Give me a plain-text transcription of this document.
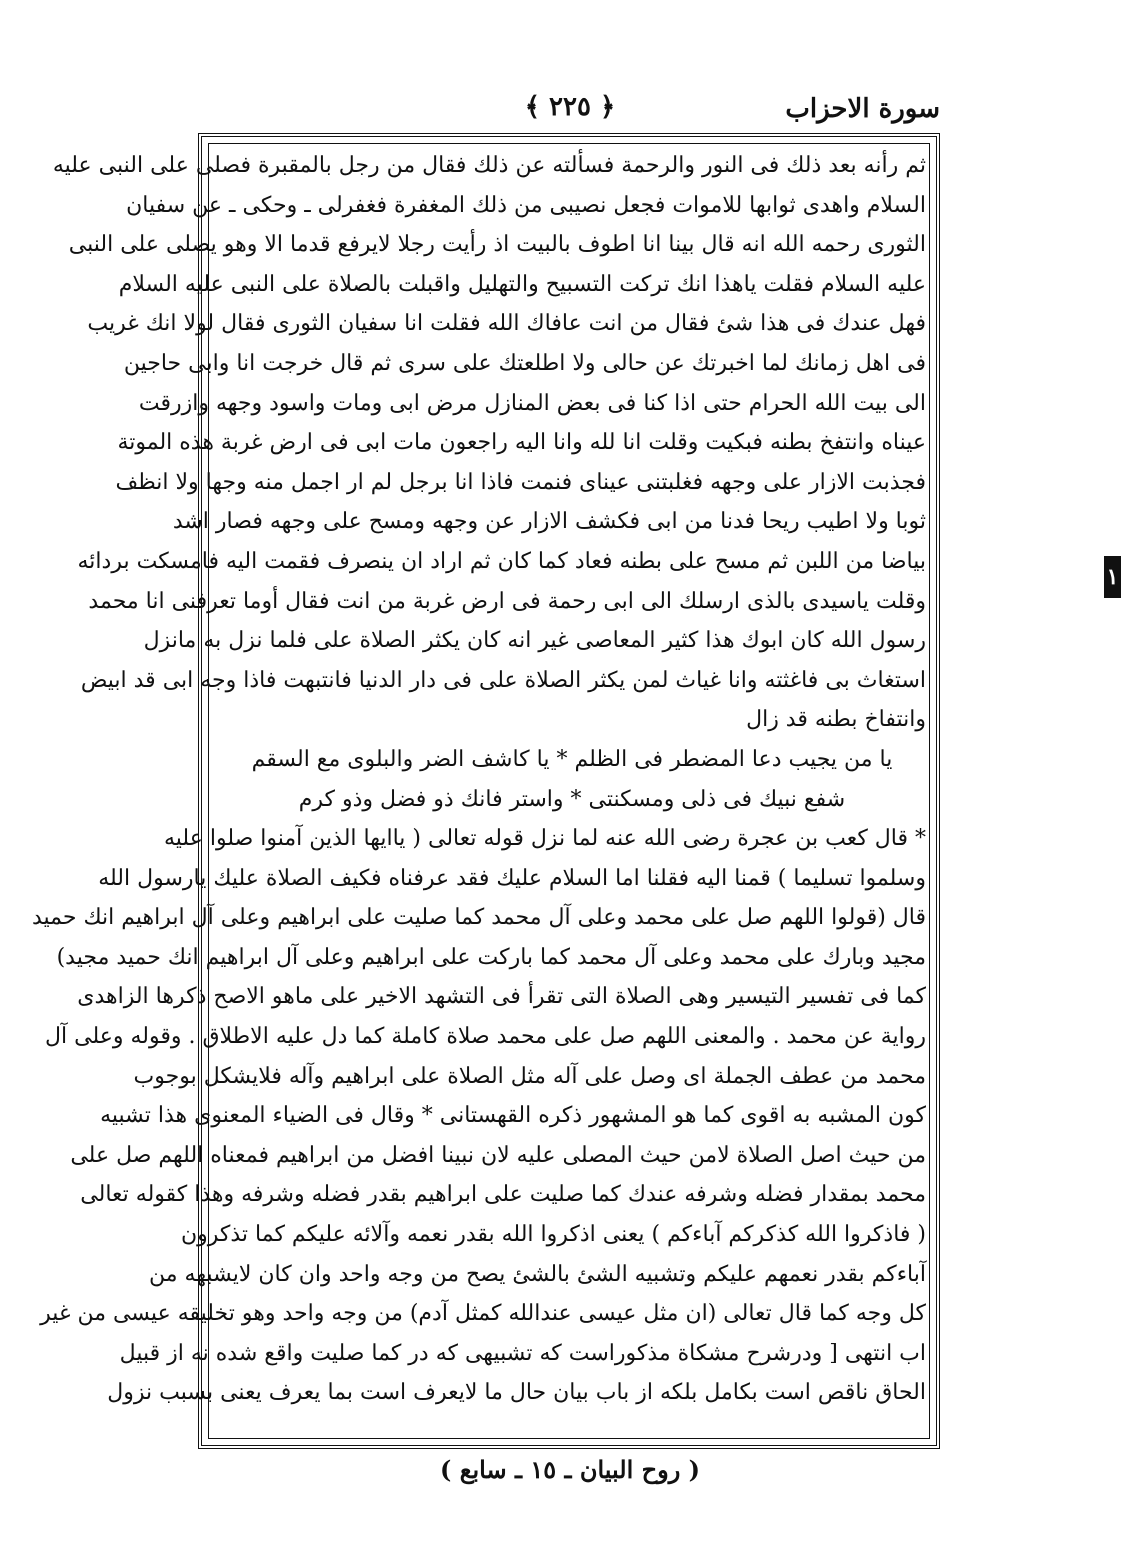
سورة الاحزاب
﴿ ٢٢٥ ﴾
ثم رأنه بعد ذلك فى النور والرحمة فسألته عن ذلك فقال من رجل بالمقبرة فصلى على النبى عليه
السلام واهدى ثوابها للاموات فجعل نصيبى من ذلك المغفرة فغفرلى ـ وحكى ـ عن سفيان
الثورى رحمه الله انه قال بينا انا اطوف بالبيت اذ رأيت رجلا لايرفع قدما الا وهو يصلى على النبى
عليه السلام فقلت ياهذا انك تركت التسبيح والتهليل واقبلت بالصلاة على النبى عليه السلام
فهل عندك فى هذا شئ فقال من انت عافاك الله فقلت انا سفيان الثورى فقال لولا انك غريب
فى اهل زمانك لما اخبرتك عن حالى ولا اطلعتك على سرى ثم قال خرجت انا وابى حاجين
الى بيت الله الحرام حتى اذا كنا فى بعض المنازل مرض ابى ومات واسود وجهه وازرقت
عيناه وانتفخ بطنه فبكيت وقلت انا لله وانا اليه راجعون مات ابى فى ارض غربة هذه الموتة
فجذبت الازار على وجهه فغلبتنى عيناى فنمت فاذا انا برجل لم ار اجمل منه وجها ولا انظف
ثوبا ولا اطيب ريحا فدنا من ابى فكشف الازار عن وجهه ومسح على وجهه فصار اشد
بياضا من اللبن ثم مسح على بطنه فعاد كما كان ثم اراد ان ينصرف فقمت اليه فامسكت بردائه
وقلت ياسيدى بالذى ارسلك الى ابى رحمة فى ارض غربة من انت فقال أوما تعرفنى انا محمد
رسول الله كان ابوك هذا كثير المعاصى غير انه كان يكثر الصلاة على فلما نزل به مانزل
استغاث بى فاغثته وانا غياث لمن يكثر الصلاة على فى دار الدنيا فانتبهت فاذا وجه ابى قد ابيض
وانتفاخ بطنه قد زال
يا من يجيب دعا المضطر فى الظلم * يا كاشف الضر والبلوى مع السقم
شفع نبيك فى ذلى ومسكنتى * واستر فانك ذو فضل وذو كرم
* قال كعب بن عجرة رضى الله عنه لما نزل قوله تعالى ( ياايها الذين آمنوا صلوا عليه
وسلموا تسليما ) قمنا اليه فقلنا اما السلام عليك فقد عرفناه فكيف الصلاة عليك يارسول الله
قال (قولوا اللهم صل على محمد وعلى آل محمد كما صليت على ابراهيم وعلى آل ابراهيم انك حميد
مجيد وبارك على محمد وعلى آل محمد كما باركت على ابراهيم وعلى آل ابراهيم انك حميد مجيد)
كما فى تفسير التيسير وهى الصلاة التى تقرأ فى التشهد الاخير على ماهو الاصح ذكرها الزاهدى
رواية عن محمد . والمعنى اللهم صل على محمد صلاة كاملة كما دل عليه الاطلاق . وقوله وعلى آل
محمد من عطف الجملة اى وصل على آله مثل الصلاة على ابراهيم وآله فلايشكل بوجوب
كون المشبه به اقوى كما هو المشهور ذكره القهستانى * وقال فى الضياء المعنوى هذا تشبيه
من حيث اصل الصلاة لامن حيث المصلى عليه لان نبينا افضل من ابراهيم فمعناه اللهم صل على
محمد بمقدار فضله وشرفه عندك كما صليت على ابراهيم بقدر فضله وشرفه وهذا كقوله تعالى
( فاذكروا الله كذكركم آباءكم ) يعنى اذكروا الله بقدر نعمه وآلائه عليكم كما تذكرون
آباءكم بقدر نعمهم عليكم وتشبيه الشئ بالشئ يصح من وجه واحد وان كان لايشبهه من
كل وجه كما قال تعالى (ان مثل عيسى عندالله كمثل آدم) من وجه واحد وهو تخليقه عيسى من غير
اب انتهى [ ودرشرح مشكاة مذكوراست كه تشبيهى كه در كما صليت واقع شده نه از قبيل
الحاق ناقص است بكامل بلكه از باب بيان حال ما لايعرف است بما يعرف يعنى بسبب نزول
( روح البيان ـ ١٥ ـ سابع )
١
